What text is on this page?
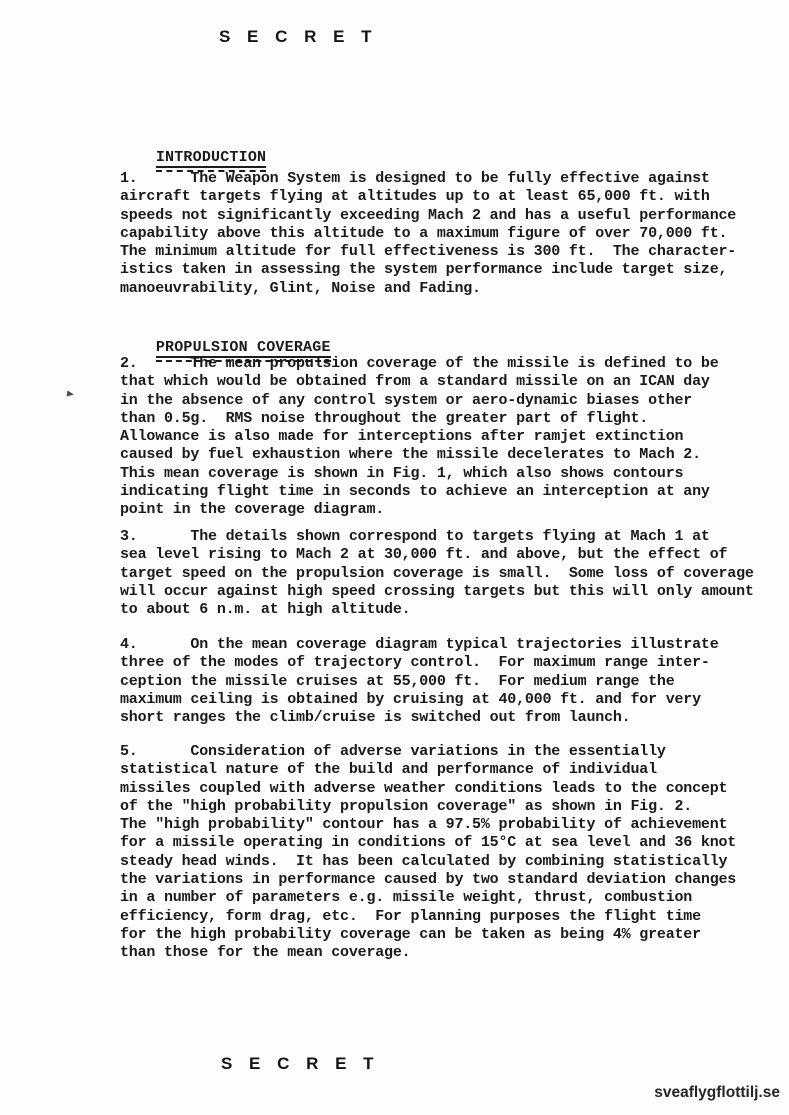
S E C R E T

INTRODUCTION

1.      The Weapon System is designed to be fully effective against
aircraft targets flying at altitudes up to at least 65,000 ft. with
speeds not significantly exceeding Mach 2 and has a useful performance
capability above this altitude to a maximum figure of over 70,000 ft.
The minimum altitude for full effectiveness is 300 ft.  The character-
istics taken in assessing the system performance include target size,
manoeuvrability, Glint, Noise and Fading.

PROPULSION COVERAGE

2.      The mean propulsion coverage of the missile is defined to be
that which would be obtained from a standard missile on an ICAN day
in the absence of any control system or aero-dynamic biases other
than 0.5g.  RMS noise throughout the greater part of flight.
Allowance is also made for interceptions after ramjet extinction
caused by fuel exhaustion where the missile decelerates to Mach 2.
This mean coverage is shown in Fig. 1, which also shows contours
indicating flight time in seconds to achieve an interception at any
point in the coverage diagram.
3.      The details shown correspond to targets flying at Mach 1 at
sea level rising to Mach 2 at 30,000 ft. and above, but the effect of
target speed on the propulsion coverage is small.  Some loss of coverage
will occur against high speed crossing targets but this will only amount
to about 6 n.m. at high altitude.
4.      On the mean coverage diagram typical trajectories illustrate
three of the modes of trajectory control.  For maximum range inter-
ception the missile cruises at 55,000 ft.  For medium range the
maximum ceiling is obtained by cruising at 40,000 ft. and for very
short ranges the climb/cruise is switched out from launch.
5.      Consideration of adverse variations in the essentially
statistical nature of the build and performance of individual
missiles coupled with adverse weather conditions leads to the concept
of the "high probability propulsion coverage" as shown in Fig. 2.
The "high probability" contour has a 97.5% probability of achievement
for a missile operating in conditions of 15°C at sea level and 36 knot
steady head winds.  It has been calculated by combining statistically
the variations in performance caused by two standard deviation changes
in a number of parameters e.g. missile weight, thrust, combustion
efficiency, form drag, etc.  For planning purposes the flight time
for the high probability coverage can be taken as being 4% greater
than those for the mean coverage.
S E C R E T
sveaflygflottilj.se
